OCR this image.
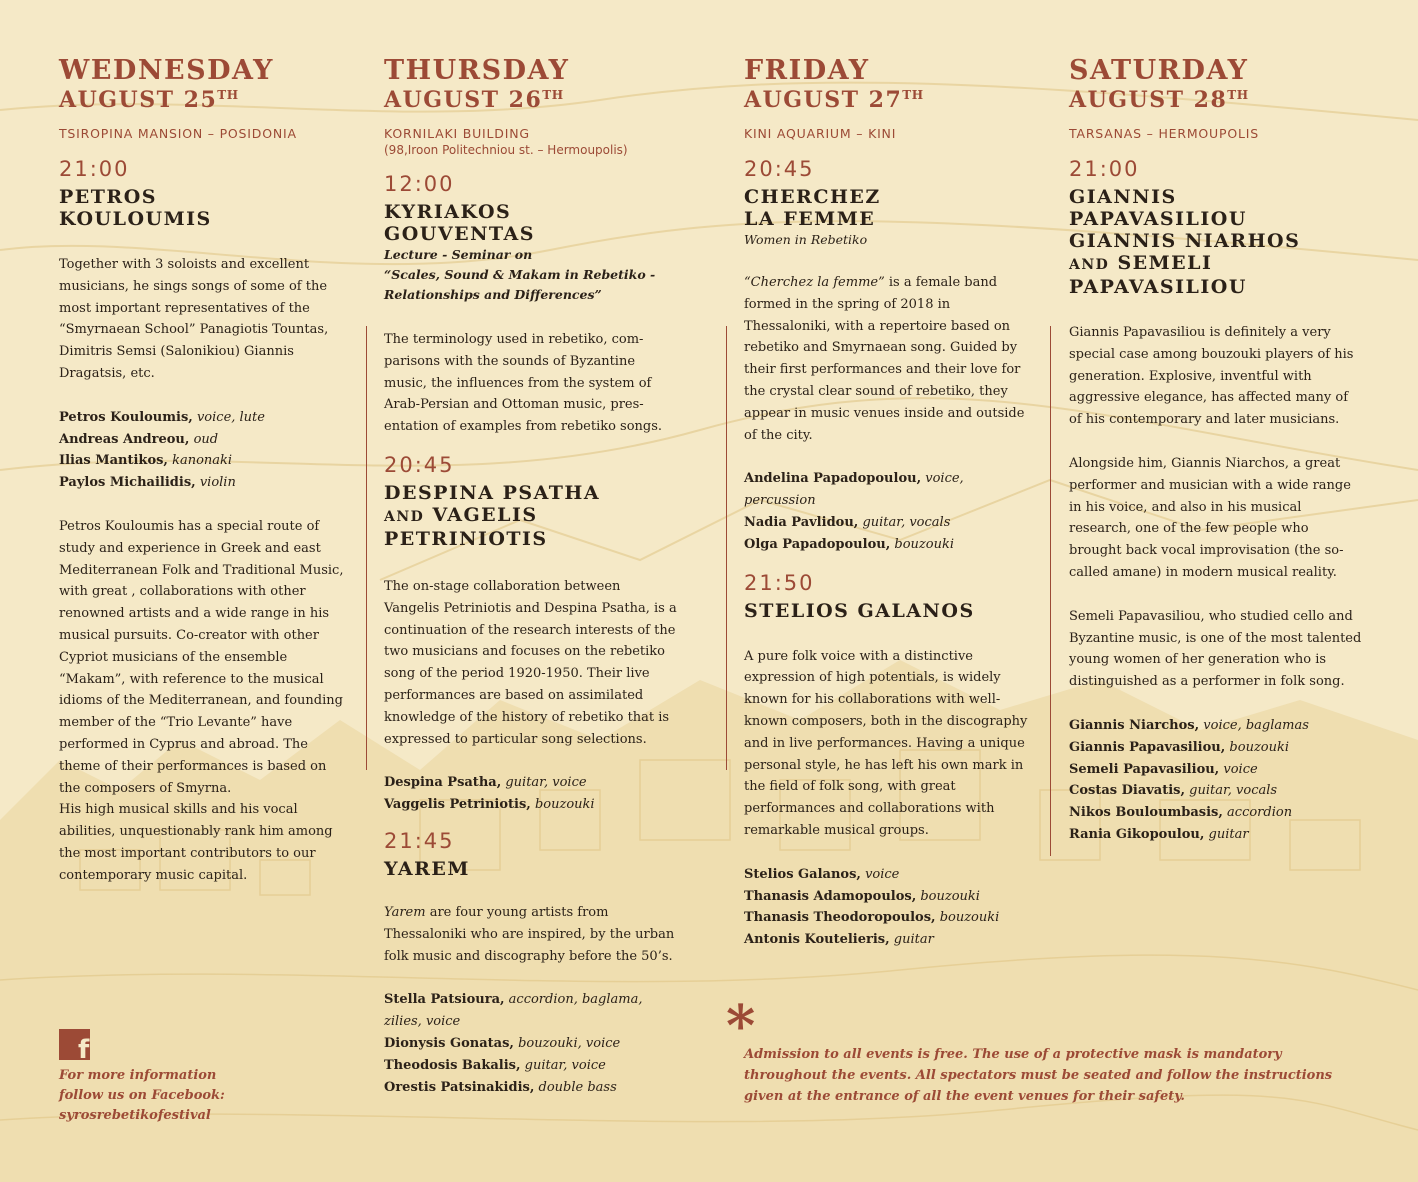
WEDNESDAY
AUGUST 25TH
TSIROPINA MANSION – POSIDONIA
21:00
PETROS
KOULOUMIS
Together with 3 soloists and excellent musicians, he sings songs of some of the most important representatives of the “Smyrnaean School” Panagiotis Tountas, Dimitris Semsi (Salonikiou) Giannis Dragatsis, etc.
Petros Kouloumis, voice, lute
Andreas Andreou, oud
Ilias Mantikos, kanonaki
Paylos Michailidis, violin
Petros Kouloumis has a special route of study and experience in Greek and east Mediterranean Folk and Traditional Music, with great , collaborations with other renowned artists and a wide range in his musical pursuits. Co-creator with other Cypriot musicians of the ensemble “Makam”, with reference to the musical idioms of the Mediterranean, and founding member of the “Trio Levante” have performed in Cyprus and abroad. The theme of their performances is based on the composers of Smyrna.
His high musical skills and his vocal abilities, unquestionably rank him among the most important contributors to our contemporary music capital.
THURSDAY
AUGUST 26TH
KORNILAKI BUILDING
(98,Iroon Politechniou st. – Hermoupolis)
12:00
KYRIAKOS
GOUVENTAS
Lecture - Seminar on
“Scales, Sound & Makam in Rebetiko -
Relationships and Differences”
The terminology used in rebetiko, com-parisons with the sounds of Byzantine music, the influences from the system of Arab-Persian and Ottoman music, pres-entation of examples from rebetiko songs.
20:45
DESPINA PSATHA
AND VAGELIS
PETRINIOTIS
The on-stage collaboration between Vangelis Petriniotis and Despina Psatha, is a continuation of the research interests of the two musicians and focuses on the rebetiko song of the period 1920-1950. Their live performances are based on assimilated knowledge of the history of rebetiko that is expressed to particular song selections.
Despina Psatha, guitar, voice
Vaggelis Petriniotis, bouzouki
21:45
YAREM
Yarem are four young artists from Thessaloniki who are inspired, by the urban folk music and discography before the 50’s.
Stella Patsioura, accordion, baglama,
zilies, voice
Dionysis Gonatas, bouzouki, voice
Theodosis Bakalis, guitar, voice
Orestis Patsinakidis, double bass
FRIDAY
AUGUST 27TH
KINI AQUARIUM – KINI
20:45
CHERCHEZ
LA FEMME
Women in Rebetiko
“Cherchez la femme” is a female band formed in the spring of 2018 in Thessaloniki, with a repertoire based on rebetiko and Smyrnaean song. Guided by their first performances and their love for the crystal clear sound of rebetiko, they appear in music venues inside and outside of the city.
Andelina Papadopoulou, voice, percussion
Nadia Pavlidou, guitar, vocals
Olga Papadopoulou, bouzouki
21:50
STELIOS GALANOS
A pure folk voice with a distinctive expression of high potentials, is widely known for his collaborations with well-known composers, both in the discography and in live performances. Having a unique personal style, he has left his own mark in the field of folk song, with great performances and collaborations with remarkable musical groups.
Stelios Galanos, voice
Thanasis Adamopoulos, bouzouki
Thanasis Theodoropoulos, bouzouki
Antonis Koutelieris, guitar
SATURDAY
AUGUST 28TH
TARSANAS – HERMOUPOLIS
21:00
GIANNIS
PAPAVASILIOU
GIANNIS NIARHOS
AND SEMELI
PAPAVASILIOU
Giannis Papavasiliou is definitely a very special case among bouzouki players of his generation. Explosive, inventful with aggressive elegance, has affected many of of his contemporary and later musicians.
Alongside him, Giannis Niarchos, a great performer and musician with a wide range in his voice, and also in his musical research, one of the few people who brought back vocal improvisation (the so-called amane) in modern musical reality.
Semeli Papavasiliou, who studied cello and Byzantine music, is one of the most talented young women of her generation who is distinguished as a performer in folk song.
Giannis Niarchos, voice, baglamas
Giannis Papavasiliou, bouzouki
Semeli Papavasiliou, voice
Costas Diavatis, guitar, vocals
Nikos Bouloumbasis, accordion
Rania Gikopoulou, guitar
f
For more information
follow us on Facebook:
syrosrebetikofestival
*
Admission to all events is free. The use of a protective mask is mandatory throughout the events. All spectators must be seated and follow the instructions given at the entrance of all the event venues for their safety.
